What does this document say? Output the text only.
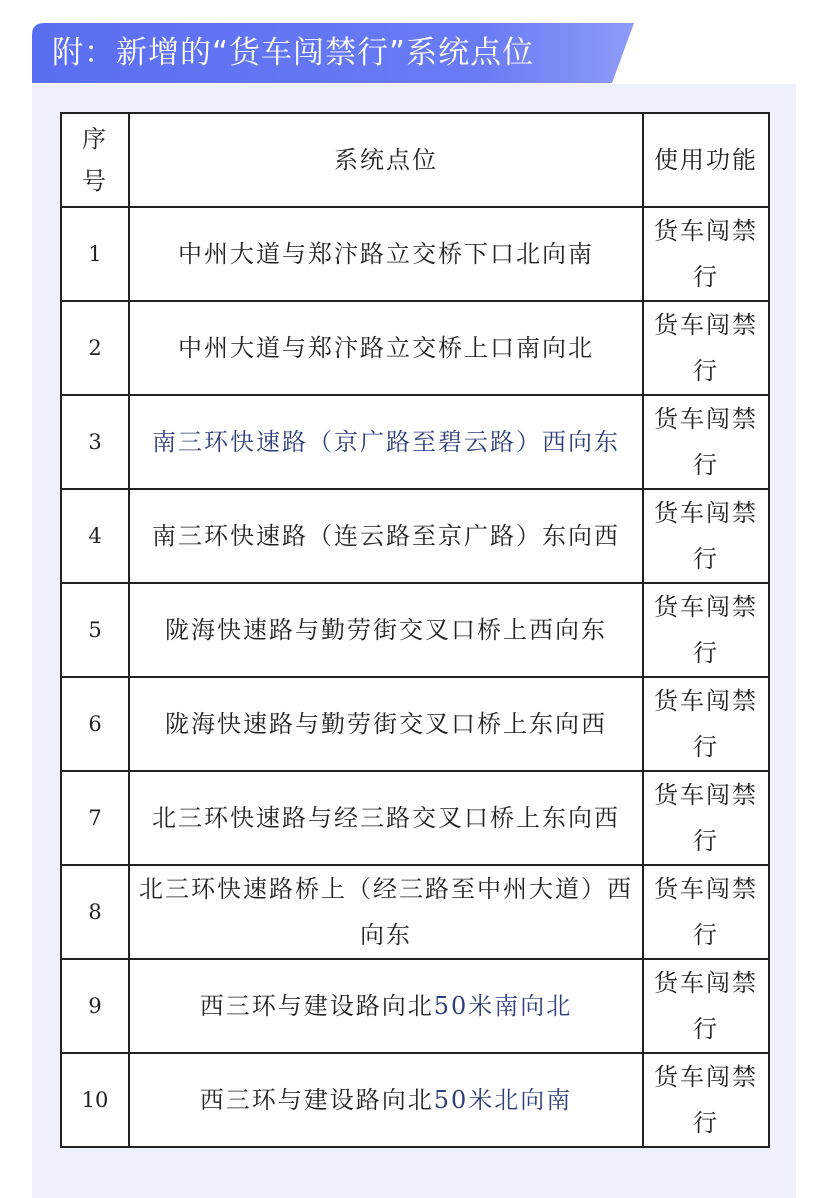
附：新增的“货车闯禁行”系统点位
序
号	系统点位	使用功能
1	中州大道与郑汴路立交桥下口北向南	货车闯禁行
2	中州大道与郑汴路立交桥上口南向北	货车闯禁行
3	南三环快速路（京广路至碧云路）西向东	货车闯禁行
4	南三环快速路（连云路至京广路）东向西	货车闯禁行
5	陇海快速路与勤劳街交叉口桥上西向东	货车闯禁行
6	陇海快速路与勤劳街交叉口桥上东向西	货车闯禁行
7	北三环快速路与经三路交叉口桥上东向西	货车闯禁行
8	北三环快速路桥上（经三路至中州大道）西向东	货车闯禁行
9	西三环与建设路向北50米南向北	货车闯禁行
10	西三环与建设路向北50米北向南	货车闯禁行
